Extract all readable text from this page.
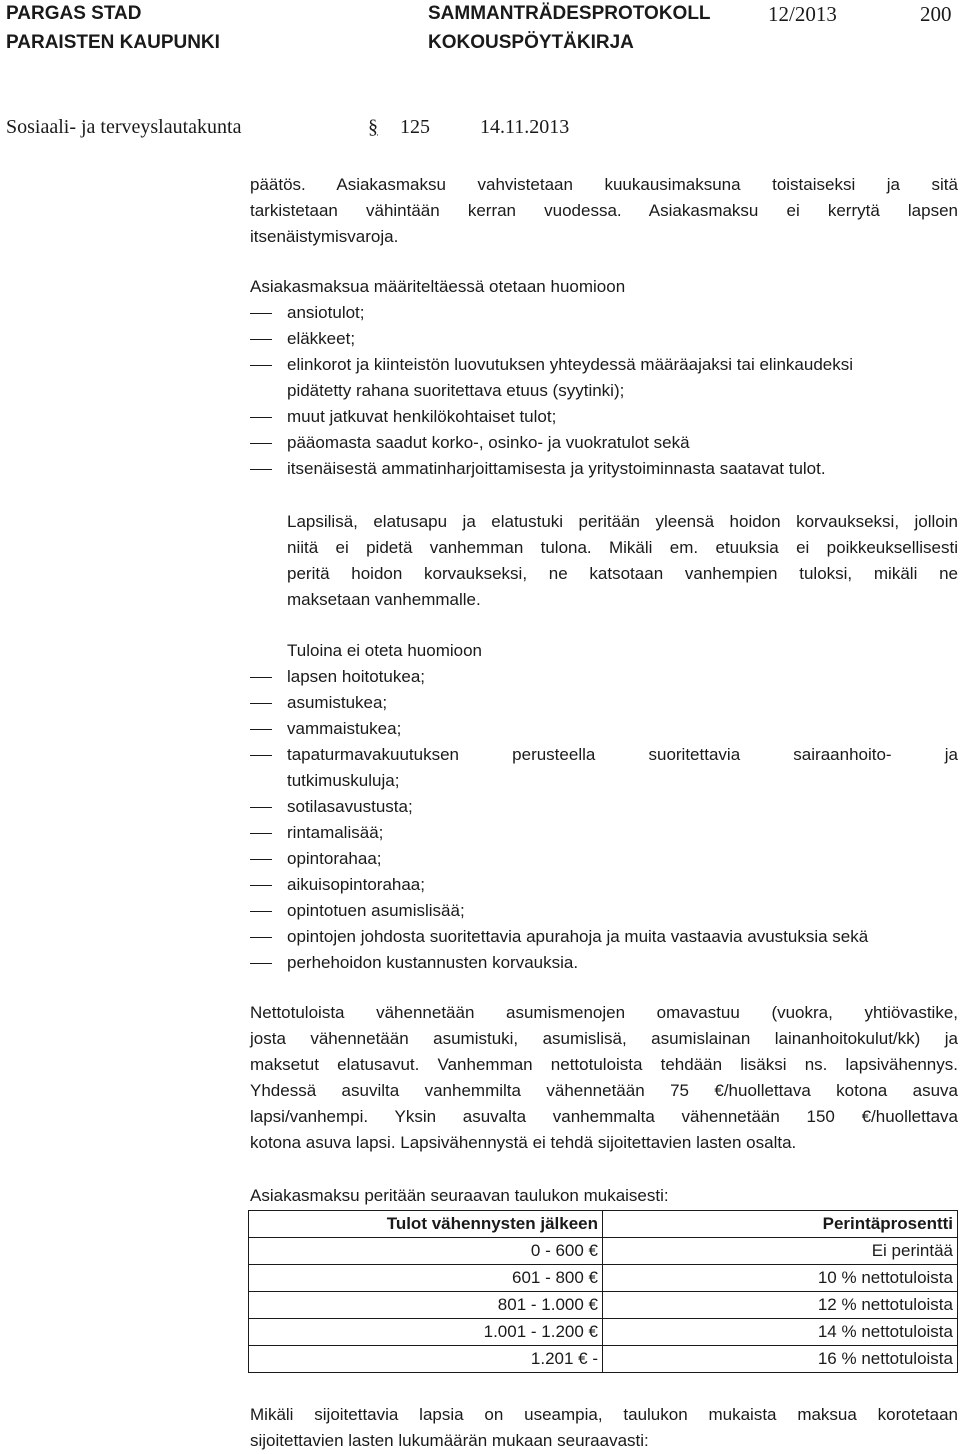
PARGAS STAD
PARAISTEN KAUPUNKI
SAMMANTRÄDESPROTOKOLL
KOKOUSPÖYTÄKIRJA
12/2013	200
Sosiaali- ja terveyslautakunta	§ 125	14.11.2013
päätös. Asiakasmaksu vahvistetaan kuukausimaksuna toistaiseksi ja sitä
tarkistetaan vähintään kerran vuodessa. Asiakasmaksu ei kerrytä lapsen
itsenäistymisvaroja.
Asiakasmaksua määriteltäessä otetaan huomioon
ansiotulot;
eläkkeet;
elinkorot ja kiinteistön luovutuksen yhteydessä määräajaksi tai elinkaudeksi
pidätetty rahana suoritettava etuus (syytinki);
muut jatkuvat henkilökohtaiset tulot;
pääomasta saadut korko-, osinko- ja vuokratulot sekä
itsenäisestä ammatinharjoittamisesta ja yritystoiminnasta saatavat tulot.
Lapsilisä, elatusapu ja elatustuki peritään yleensä hoidon korvaukseksi, jolloin
niitä ei pidetä vanhemman tulona. Mikäli em. etuuksia ei poikkeuksellisesti
peritä hoidon korvaukseksi, ne katsotaan vanhempien tuloksi, mikäli ne
maksetaan vanhemmalle.
Tuloina ei oteta huomioon
lapsen hoitotukea;
asumistukea;
vammaistukea;
tapaturmavakuutuksen perusteella suoritettavia sairaanhoito- ja
tutkimuskuluja;
sotilasavustusta;
rintamalisää;
opintorahaa;
aikuisopintorahaa;
opintotuen asumislisää;
opintojen johdosta suoritettavia apurahoja ja muita vastaavia avustuksia sekä
perhehoidon kustannusten korvauksia.
Nettotuloista vähennetään asumismenojen omavastuu (vuokra, yhtiövastike,
josta vähennetään asumistuki, asumislisä, asumislainan lainanhoitokulut/kk) ja
maksetut elatusavut. Vanhemman nettotuloista tehdään lisäksi ns. lapsivähennys.
Yhdessä asuvilta vanhemmilta vähennetään 75 €/huollettava kotona asuva
lapsi/vanhempi. Yksin asuvalta vanhemmalta vähennetään 150 €/huollettava
kotona asuva lapsi. Lapsivähennystä ei tehdä sijoitettavien lasten osalta.
Asiakasmaksu peritään seuraavan taulukon mukaisesti:
Tulot vähennysten jälkeen	Perintäprosentti
0 - 600 €	Ei perintää
601 - 800 €	10 % nettotuloista
801 - 1.000 €	12 % nettotuloista
1.001 - 1.200 €	14 % nettotuloista
1.201 € -	16 % nettotuloista
Mikäli sijoitettavia lapsia on useampia, taulukon mukaista maksua korotetaan
sijoitettavien lasten lukumäärän mukaan seuraavasti:
